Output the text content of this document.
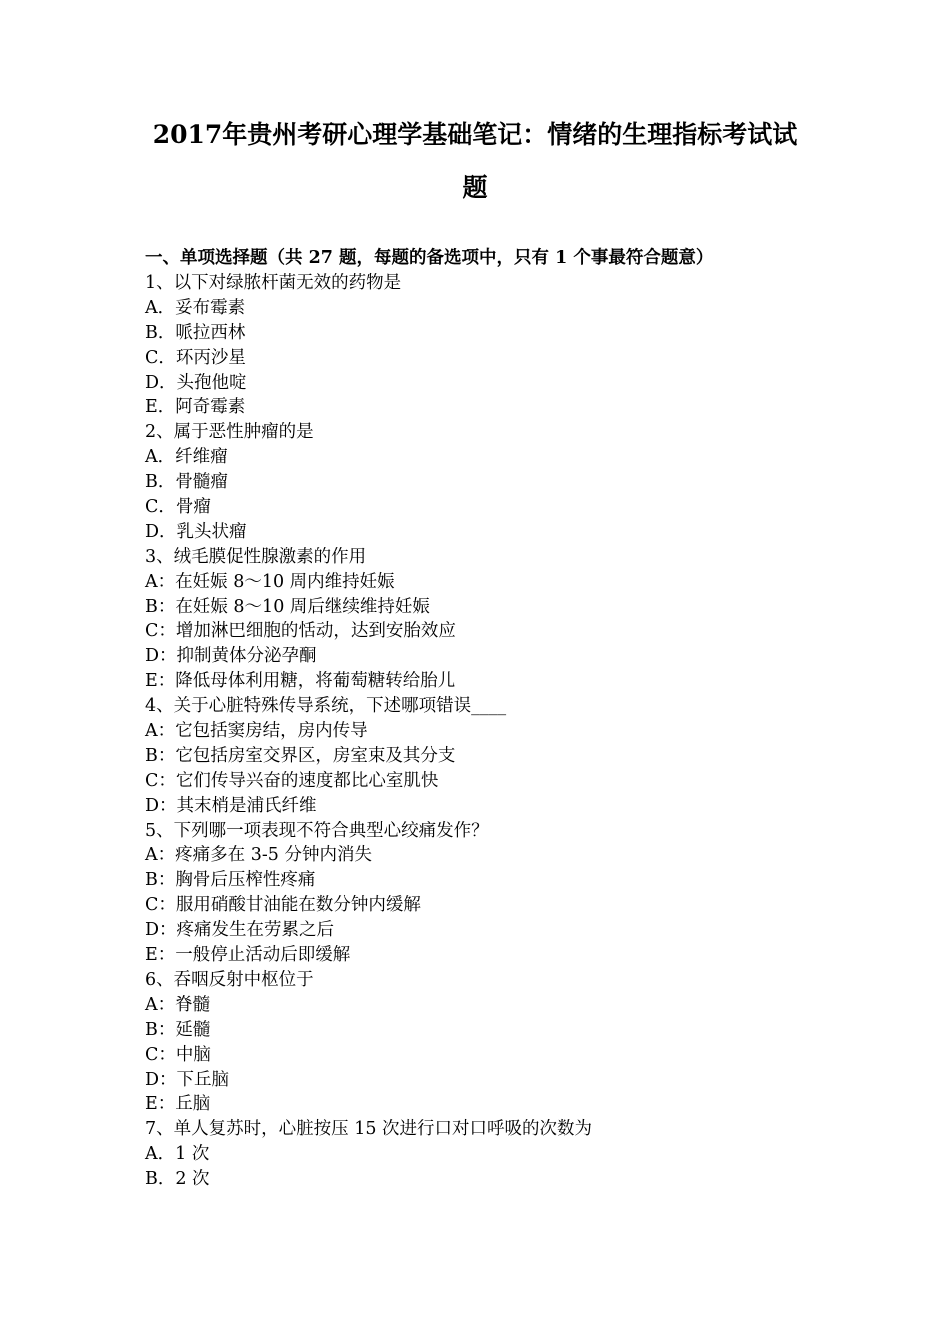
2017年贵州考研心理学基础笔记：情绪的生理指标考试试
题
一、单项选择题（共 27 题，每题的备选项中，只有 1 个事最符合题意）
1、以下对绿脓杆菌无效的药物是
A．妥布霉素
B．哌拉西林
C．环丙沙星
D．头孢他啶
E．阿奇霉素
2、属于恶性肿瘤的是
A．纤维瘤
B．骨髓瘤
C．骨瘤
D．乳头状瘤
3、绒毛膜促性腺激素的作用
A：在妊娠 8～10 周内维持妊娠
B：在妊娠 8～10 周后继续维持妊娠
C：增加淋巴细胞的恬动，达到安胎效应
D：抑制黄体分泌孕酮
E：降低母体利用糖，将葡萄糖转给胎儿
4、关于心脏特殊传导系统，下述哪项错误____
A：它包括窦房结，房内传导
B：它包括房室交界区，房室束及其分支
C：它们传导兴奋的速度都比心室肌快
D：其末梢是浦氏纤维
5、下列哪一项表现不符合典型心绞痛发作？
A：疼痛多在 3-5 分钟内消失
B：胸骨后压榨性疼痛
C：服用硝酸甘油能在数分钟内缓解
D：疼痛发生在劳累之后
E：一般停止活动后即缓解
6、吞咽反射中枢位于
A：脊髓
B：延髓
C：中脑
D：下丘脑
E：丘脑
7、单人复苏时，心脏按压 15 次进行口对口呼吸的次数为
A．1 次
B．2 次
